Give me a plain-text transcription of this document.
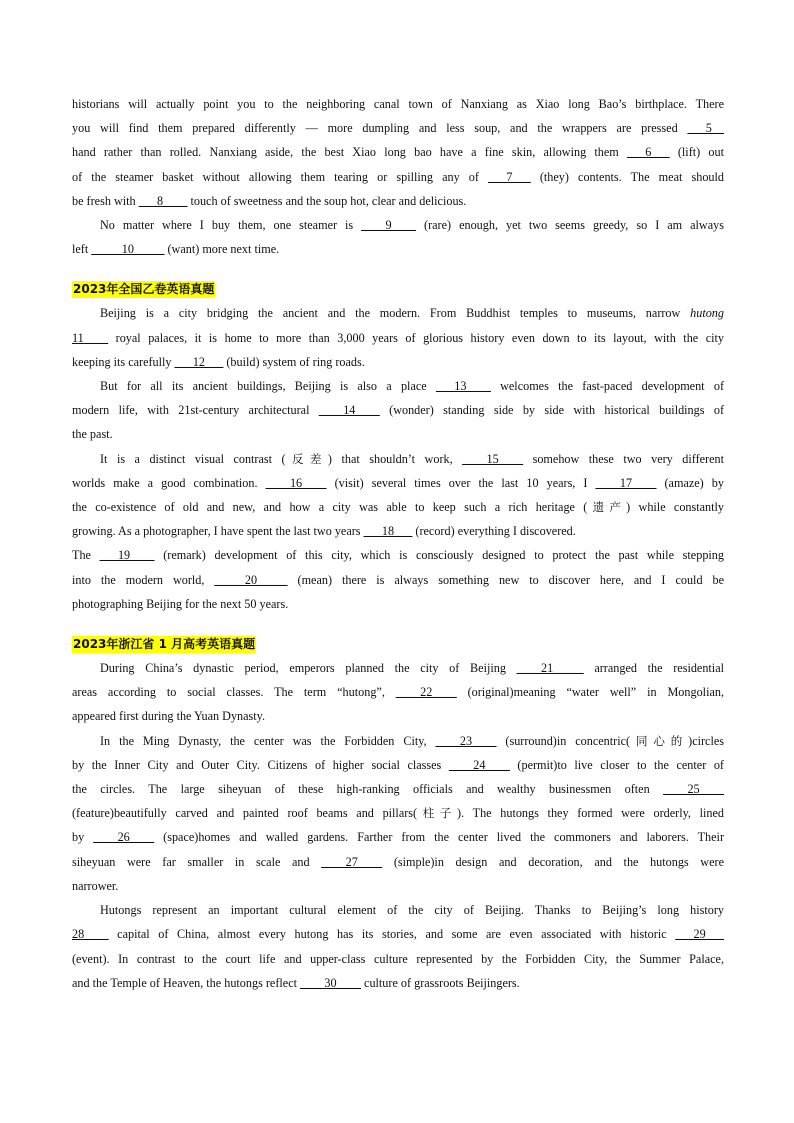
historians will actually point you to the neighboring canal town of Nanxiang as Xiao long Bao’s birthplace. There
you will find them prepared differently — more dumpling and less soup, and the wrappers are pressed ___5__
hand rather than rolled. Nanxiang aside, the best Xiao long bao have a fine skin, allowing them ___6___ (lift) out
of the steamer basket without allowing them tearing or spilling any of ___7___ (they) contents. The meat should
be fresh with ___8____ touch of sweetness and the soup hot, clear and delicious.
No matter where I buy them, one steamer is ____9____ (rare) enough, yet two seems greedy, so I am always
left _____10_____ (want) more next time.
2023年全国乙卷英语真题
Beijing is a city bridging the ancient and the modern. From Buddhist temples to museums, narrow hutong
11____ royal palaces, it is home to more than 3,000 years of glorious history even down to its layout, with the city
keeping its carefully ___12___ (build) system of ring roads.
But for all its ancient buildings, Beijing is also a place ___13____ welcomes the fast-paced development of
modern life, with 21st-century architectural ____14____ (wonder) standing side by side with historical buildings of
the past.
It is a distinct visual contrast (反差) that shouldn’t work, ____15____ somehow these two very different
worlds make a good combination. ____16____ (visit) several times over the last 10 years, I ____17____ (amaze) by
the co-existence of old and new, and how a city was able to keep such a rich heritage (遗产) while constantly
growing. As a photographer, I have spent the last two years ___18___ (record) everything I discovered.
The ___19____ (remark) development of this city, which is consciously designed to protect the past while stepping
into the modern world, _____20_____ (mean) there is always something new to discover here, and I could be
photographing Beijing for the next 50 years.
2023年浙江省 1 月高考英语真题
During China’s dynastic period, emperors planned the city of Beijing ____21_____ arranged the residential
areas according to social classes. The term “hutong”, ____22____ (original)meaning “water well” in Mongolian,
appeared first during the Yuan Dynasty.
In the Ming Dynasty, the center was the Forbidden City, ____23____ (surround)in concentric(同心的)circles
by the Inner City and Outer City. Citizens of higher social classes ____24____ (permit)to live closer to the center of
the circles. The large siheyuan of these high-ranking officials and wealthy businessmen often ____25____
(feature)beautifully carved and painted roof beams and pillars(柱子). The hutongs they formed were orderly, lined
by ____26____ (space)homes and walled gardens. Farther from the center lived the commoners and laborers. Their
siheyuan were far smaller in scale and ____27____ (simple)in design and decoration, and the hutongs were
narrower.
Hutongs represent an important cultural element of the city of Beijing. Thanks to Beijing’s long history
28____ capital of China, almost every hutong has its stories, and some are even associated with historic ___29___
(event). In contrast to the court life and upper-class culture represented by the Forbidden City, the Summer Palace,
and the Temple of Heaven, the hutongs reflect ____30____ culture of grassroots Beijingers.
